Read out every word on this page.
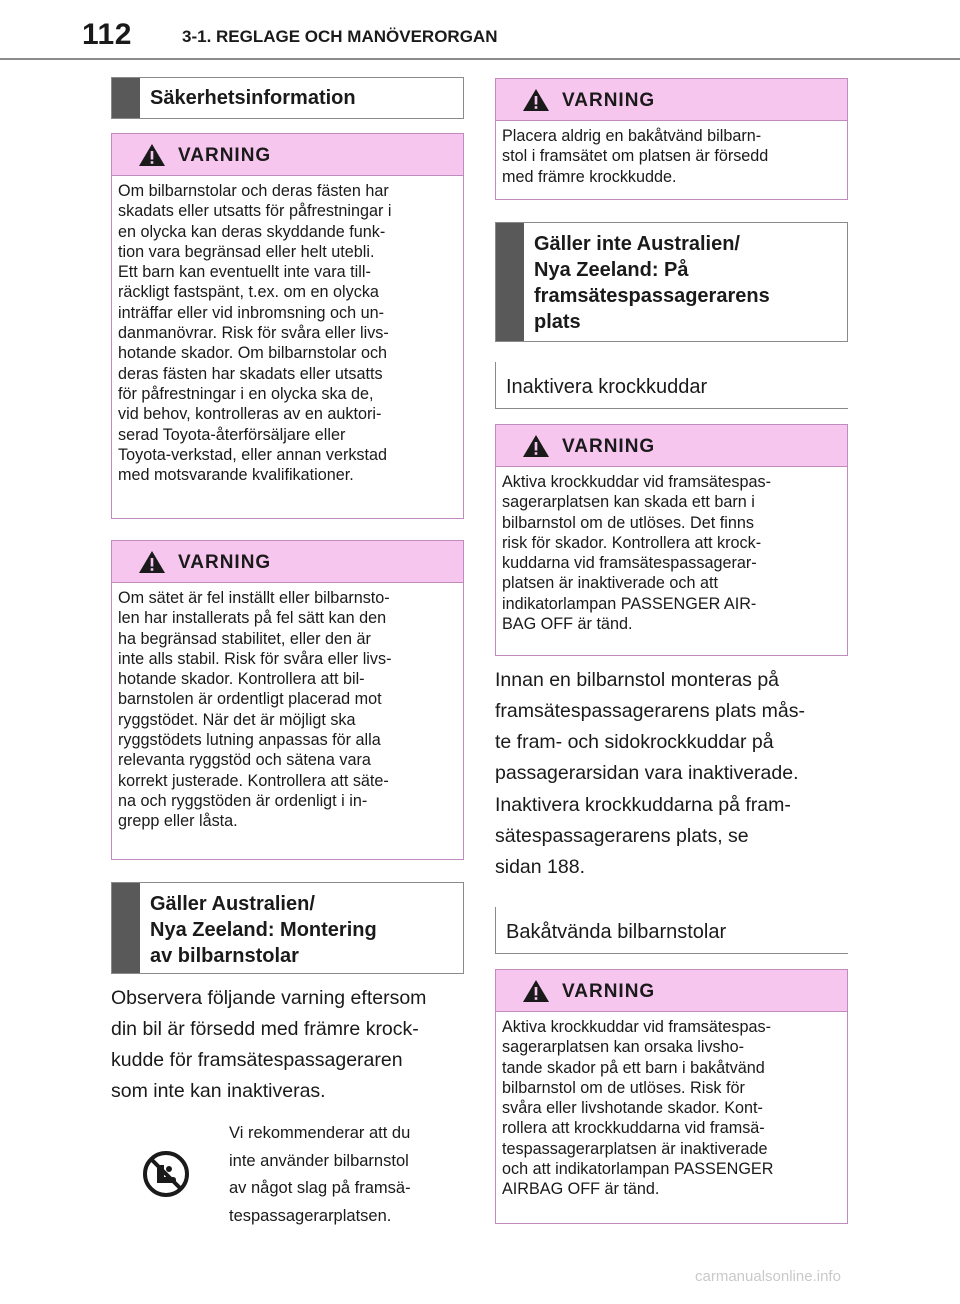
112	3-1. REGLAGE OCH MANÖVERORGAN
Säkerhetsinformation
VARNING
Om bilbarnstolar och deras fästen har
skadats eller utsatts för påfrestningar i
en olycka kan deras skyddande funk-
tion vara begränsad eller helt utebli.
Ett barn kan eventuellt inte vara till-
räckligt fastspänt, t.ex. om en olycka
inträffar eller vid inbromsning och un-
danmanövrar. Risk för svåra eller livs-
hotande skador. Om bilbarnstolar och
deras fästen har skadats eller utsatts
för påfrestningar i en olycka ska de,
vid behov, kontrolleras av en auktori-
serad Toyota-återförsäljare eller
Toyota-verkstad, eller annan verkstad
med motsvarande kvalifikationer.
VARNING
Om sätet är fel inställt eller bilbarnsto-
len har installerats på fel sätt kan den
ha begränsad stabilitet, eller den är
inte alls stabil. Risk för svåra eller livs-
hotande skador. Kontrollera att bil-
barnstolen är ordentligt placerad mot
ryggstödet. När det är möjligt ska
ryggstödets lutning anpassas för alla
relevanta ryggstöd och sätena vara
korrekt justerade. Kontrollera att säte-
na och ryggstöden är ordenligt i in-
grepp eller låsta.
Gäller Australien/
Nya Zeeland: Montering
av bilbarnstolar
Observera följande varning eftersom
din bil är försedd med främre krock-
kudde för framsätespassageraren
som inte kan inaktiveras.
Vi rekommenderar att du
inte använder bilbarnstol
av något slag på framsä-
tespassagerarplatsen.
VARNING
Placera aldrig en bakåtvänd bilbarn-
stol i framsätet om platsen är försedd
med främre krockkudde.
Gäller inte Australien/
Nya Zeeland: På
framsätespassagerarens
plats
Inaktivera krockkuddar
VARNING
Aktiva krockkuddar vid framsätespas-
sagerarplatsen kan skada ett barn i
bilbarnstol om de utlöses. Det finns
risk för skador. Kontrollera att krock-
kuddarna vid framsätespassagerar-
platsen är inaktiverade och att
indikatorlampan PASSENGER AIR-
BAG OFF är tänd.
Innan en bilbarnstol monteras på
framsätespassagerarens plats mås-
te fram- och sidokrockkuddar på
passagerarsidan vara inaktiverade.
Inaktivera krockkuddarna på fram-
sätespassagerarens plats, se
sidan 188.
Bakåtvända bilbarnstolar
VARNING
Aktiva krockkuddar vid framsätespas-
sagerarplatsen kan orsaka livsho-
tande skador på ett barn i bakåtvänd
bilbarnstol om de utlöses. Risk för
svåra eller livshotande skador. Kont-
rollera att krockkuddarna vid framsä-
tespassagerarplatsen är inaktiverade
och att indikatorlampan PASSENGER
AIRBAG OFF är tänd.
carmanualsonline.info
